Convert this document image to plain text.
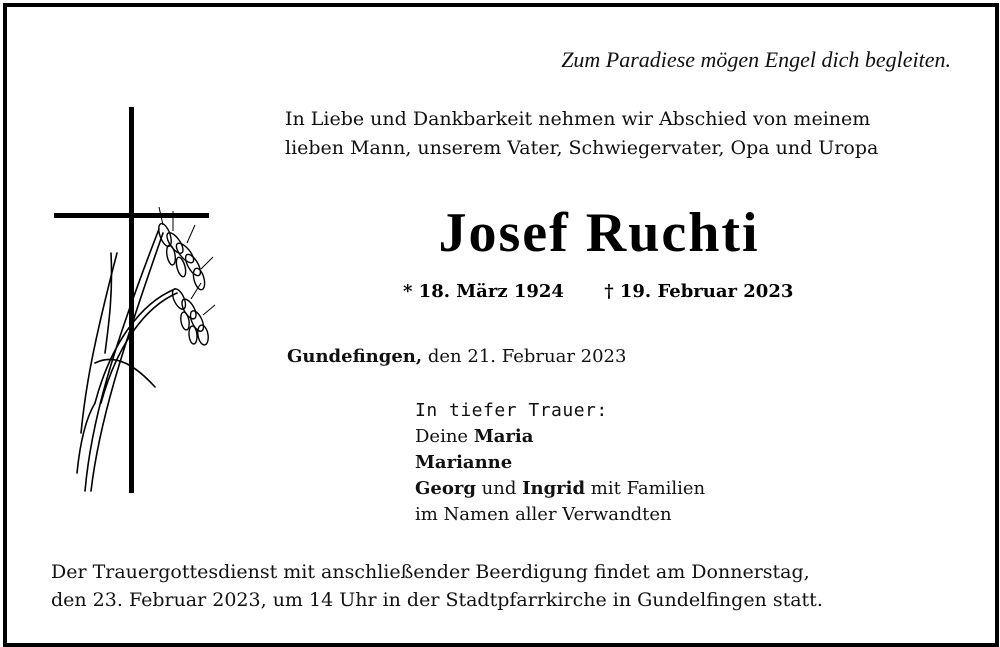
Zum Paradiese mögen Engel dich begleiten.
In Liebe und Dankbarkeit nehmen wir Abschied von meinem
lieben Mann, unserem Vater, Schwiegervater, Opa und Uropa
Josef Ruchti
* 18. März 1924 † 19. Februar 2023
Gundefingen, den 21. Februar 2023
In tiefer Trauer:
Deine Maria
Marianne
Georg und Ingrid mit Familien
im Namen aller Verwandten
Der Trauergottesdienst mit anschließender Beerdigung findet am Donnerstag,
den 23. Februar 2023, um 14 Uhr in der Stadtpfarrkirche in Gundelfingen statt.
